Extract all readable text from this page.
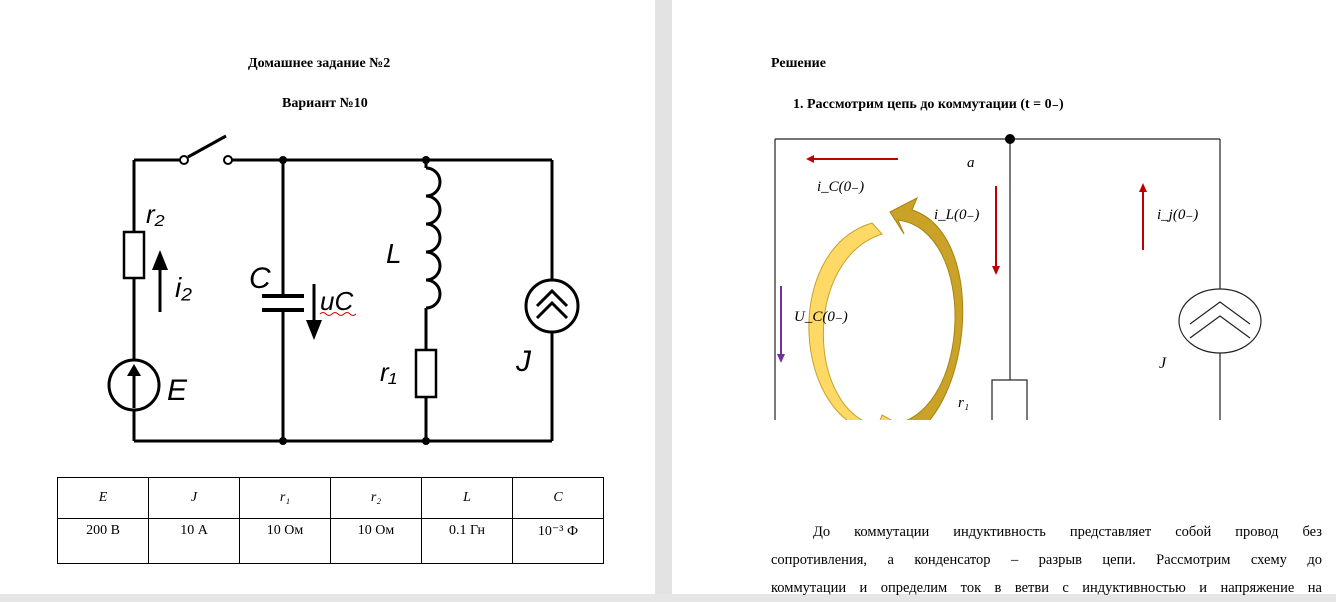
Домашнее задание №2
Вариант №10
r₂
i₂ C
uC
L
r₁	J
E
E	J	r₁	r₂	L	C
200 В	10 А	10 Ом	10 Ом	0.1 Гн	10⁻³ Ф
Решение
1. Рассмотрим цепь до коммутации (t = 0₋)
a
i_C(0₋)
i_L(0₋)	i_j(0₋)
U_C(0₋)
J
r₁

До коммутации индуктивность представляет собой провод без

сопротивления, а конденсатор – разрыв цепи. Рассмотрим схему до

коммутации и определим ток в ветви с индуктивностью и напряжение на
